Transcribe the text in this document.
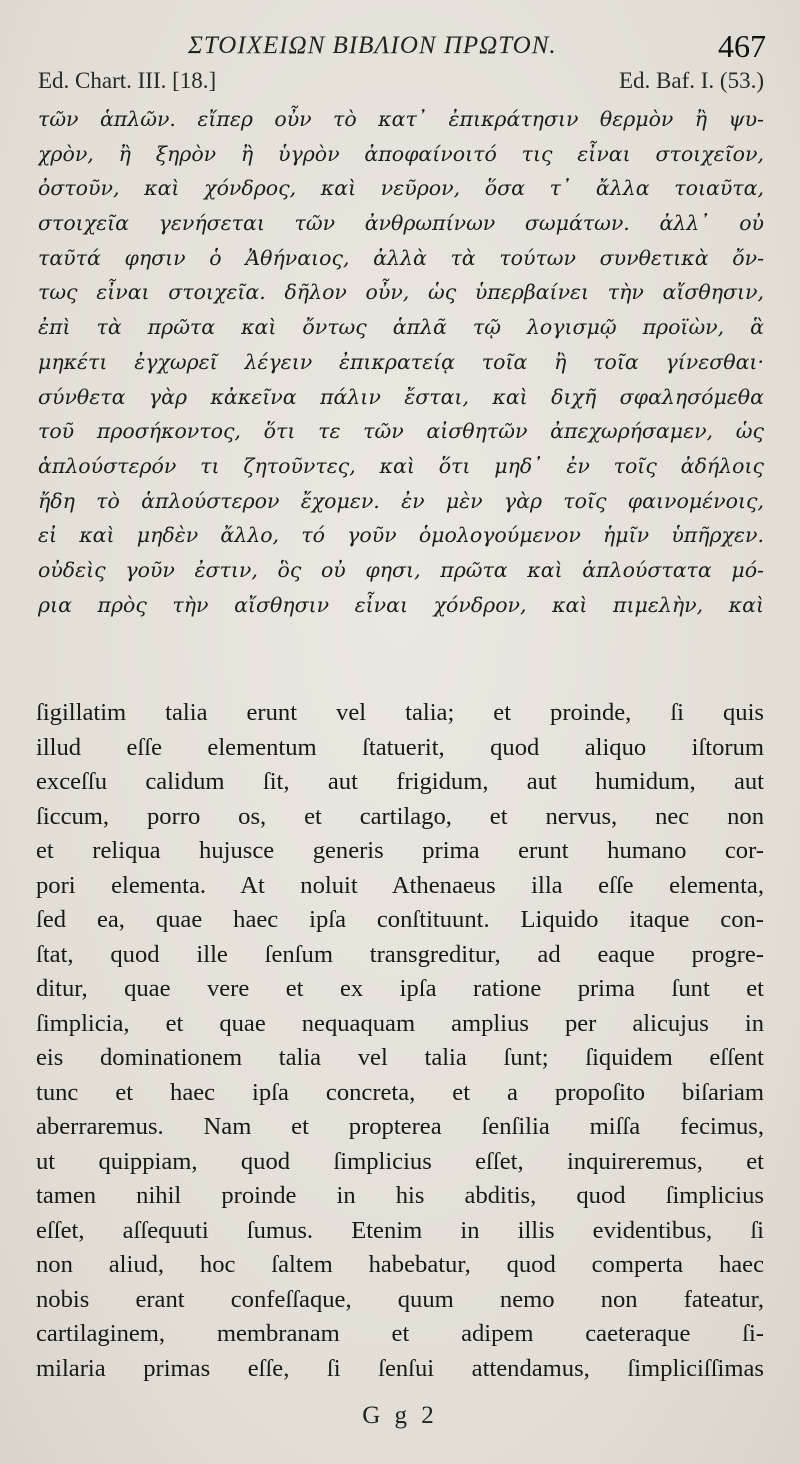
ΣΤΟΙΧΕΙΩΝ ΒΙΒΛΙΟΝ ΠΡΩΤΟΝ.	467
Ed. Chart. III. [18.]	Ed. Baf. I. (53.)
τῶν ἁπλῶν. εἴπερ οὖν τὸ κατ᾽ ἐπικράτησιν θερμὸν ἢ ψυ-
χρὸν, ἢ ξηρὸν ἢ ὑγρὸν ἀποφαίνοιτό τις εἶναι στοιχεῖον,
ὀστοῦν, καὶ χόνδρος, καὶ νεῦρον, ὅσα τ᾽ ἄλλα τοιαῦτα,
στοιχεῖα γενήσεται τῶν ἀνθρωπίνων σωμάτων. ἀλλ᾽ οὐ
ταῦτά φησιν ὁ Ἀθήναιος, ἀλλὰ τὰ τούτων συνθετικὰ ὄν-
τως εἶναι στοιχεῖα. δῆλον οὖν, ὡς ὑπερβαίνει τὴν αἴσθησιν,
ἐπὶ τὰ πρῶτα καὶ ὄντως ἁπλᾶ τῷ λογισμῷ προϊὼν, ἃ
μηκέτι ἐγχωρεῖ λέγειν ἐπικρατείᾳ τοῖα ἢ τοῖα γίνεσθαι·
σύνθετα γὰρ κἀκεῖνα πάλιν ἔσται, καὶ διχῆ σφαλησόμεθα
τοῦ προσήκοντος, ὅτι τε τῶν αἰσθητῶν ἀπεχωρήσαμεν, ὡς
ἁπλούστερόν τι ζητοῦντες, καὶ ὅτι μηδ᾽ ἐν τοῖς ἀδήλοις
ἤδη τὸ ἁπλούστερον ἔχομεν. ἐν μὲν γὰρ τοῖς φαινομένοις,
εἰ καὶ μηδὲν ἄλλο, τό γοῦν ὁμολογούμενον ἡμῖν ὑπῆρχεν.
οὐδεὶς γοῦν ἐστιν, ὃς οὐ φησι, πρῶτα καὶ ἁπλούστατα μό-
ρια πρὸς τὴν αἴσθησιν εἶναι χόνδρον, καὶ πιμελὴν, καὶ
ſigillatim talia erunt vel talia; et proinde, ſi quis
illud eſſe elementum ſtatuerit, quod aliquo iſtorum
exceſſu calidum ſit, aut frigidum, aut humidum, aut
ſiccum, porro os, et cartilago, et nervus, nec non
et reliqua hujusce generis prima erunt humano cor-
pori elementa. At noluit Athenaeus illa eſſe elementa,
ſed ea, quae haec ipſa conſtituunt. Liquido itaque con-
ſtat, quod ille ſenſum transgreditur, ad eaque progre-
ditur, quae vere et ex ipſa ratione prima ſunt et
ſimplicia, et quae nequaquam amplius per alicujus in
eis dominationem talia vel talia ſunt; ſiquidem eſſent
tunc et haec ipſa concreta, et a propoſito biſariam
aberraremus. Nam et propterea ſenſilia miſſa fecimus,
ut quippiam, quod ſimplicius eſſet, inquireremus, et
tamen nihil proinde in his abditis, quod ſimplicius
eſſet, aſſequuti ſumus. Etenim in illis evidentibus, ſi
non aliud, hoc ſaltem habebatur, quod comperta haec
nobis erant confeſſaque, quum nemo non fateatur,
cartilaginem, membranam et adipem caeteraque ſi-
milaria primas eſſe, ſi ſenſui attendamus, ſimpliciſſimas
G g 2
